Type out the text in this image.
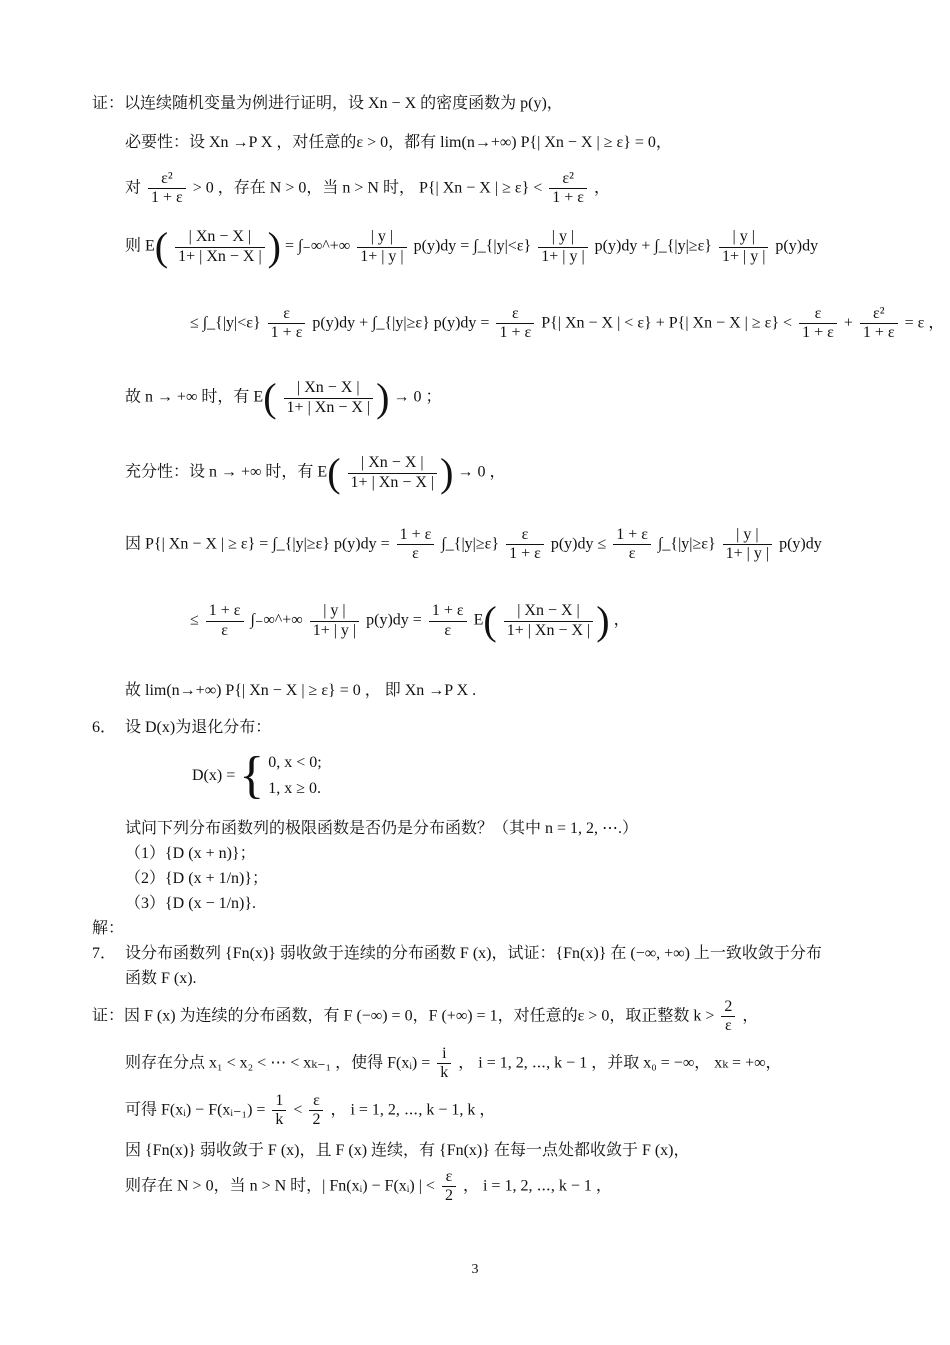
证：以连续随机变量为例进行证明，设 Xn − X 的密度函数为 p(y)，
必要性：设 Xn →P X ，对任意的ε > 0，都有 lim(n→+∞) P{| Xn − X | ≥ ε} = 0，
对 $\frac{\text{ε²}}{1 + \varepsilon} > 0$ ，存在 N > 0，当 n > N 时， P{| Xn − X | ≥ $\varepsilon\} < \frac{\text{ε²}}{1 + \varepsilon}$ ，
则 $E( \frac{| Xn - X |}{1+ | Xn - X |}$ ) = ∫₋∞^+∞ $\frac{| y |}{1+ | y |} p(y)dy$ = ∫_{|y|<ε} $\frac{| y |}{1+ | y |} p(y)dy$ + ∫_{|y|≥ε} $\frac{| y |}{1+ | y |} p(y)dy$
≤ ∫_{|y|<ε} $\frac{\varepsilon}{1 + \varepsilon} p(y)dy$ + ∫_{|y|≥ε} $p(y)dy = \frac{\varepsilon}{1 + \varepsilon} P\{|$ Xn − X | < ε} + P{| Xn − X | ≥ $\varepsilon\} < \frac{\varepsilon}{1 + \varepsilon} + \frac{\text{ε²}}{1 + \varepsilon} = \varepsilon$ ，
故 n → +∞ 时，有 $E( \frac{| Xn - X |}{1+ | Xn - X |}$ ) → 0 ；
充分性：设 n → +∞ 时，有 $E( \frac{| Xn - X |}{1+ | Xn - X |}$ ) → 0 ，
因 P{| Xn − X | ≥ ε} = ∫_{|y|≥ε} $p(y)dy = \frac{1 + \varepsilon}{\varepsilon}$ ∫_{|y|≥ε} $\frac{\varepsilon}{1 + \varepsilon} p(y)dy \le \frac{1 + \varepsilon}{\varepsilon}$ ∫_{|y|≥ε} $\frac{| y |}{1+ | y |} p(y)dy$
≤ $\frac{1 + \varepsilon}{\varepsilon}$ ∫₋∞^+∞ $\frac{| y |}{1+ | y |} p(y)dy = \frac{1 + \varepsilon}{\varepsilon} E( \frac{| Xn - X |}{1+ | Xn - X |}$ ) ，
故 lim(n→+∞) P{| Xn − X | ≥ ε} = 0 ， 即 Xn →P X .
6． 设 D(x)为退化分布：
D(x) = { 0, x < 0;
1, x ≥ 0.
试问下列分布函数列的极限函数是否仍是分布函数？（其中 n = 1, 2, ⋯.）
（1）{D (x + n)}；
（2）{D (x + 1/n)}；
（3）{D (x − 1/n)}.
解：
7． 设分布函数列 {Fn(x)} 弱收敛于连续的分布函数 F (x)，试证：{Fn(x)} 在 (−∞, +∞) 上一致收敛于分布
函数 F (x).
证：因 F (x) 为连续的分布函数，有 F (−∞) = 0，F (+∞) = 1，对任意的ε > 0，取正整数 $k > \frac{2}{\varepsilon}$ ，
则存在分点 x₁ < x₂ < ⋯ < xₖ₋₁ ，使得 F(xᵢ) = $\frac{i}{k}$ ， i = 1, 2, ⋯, k − 1 ，并取 x₀ = −∞， xₖ = +∞，
可得 F(xᵢ) − F(xᵢ₋₁) = $\frac{1}{k} < \frac{\varepsilon}{2}$ ， i = 1, 2, ⋯, k − 1, k ，
因 {Fn(x)} 弱收敛于 F (x)，且 F (x) 连续，有 {Fn(x)} 在每一点处都收敛于 F (x)，
则存在 N > 0，当 n > N 时，| Fn(xᵢ) − F(xᵢ) | < $\frac{\varepsilon}{2}$ ， i = 1, 2, ⋯, k − 1 ，
3
